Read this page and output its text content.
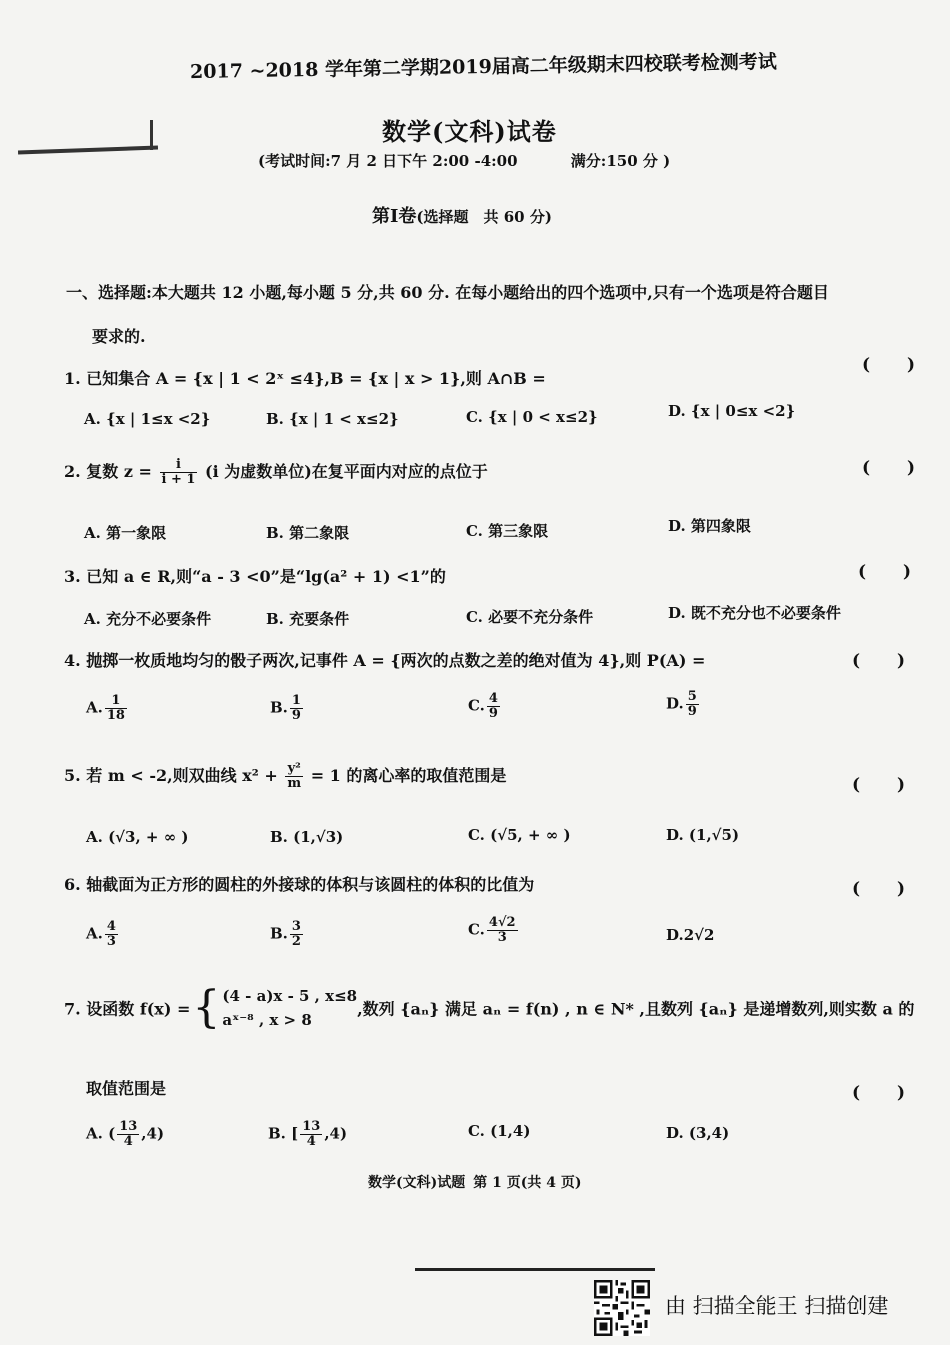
2017 ~2018 学年第二学期2019届高二年级期末四校联考检测考试
数学(文科)试卷
(考试时间:7 月 2 日下午 2:00 -4:00	满分:150 分 )
第Ⅰ卷(选择题　共 60 分)
一、选择题:本大题共 12 小题,每小题 5 分,共 60 分. 在每小题给出的四个选项中,只有一个选项是符合题目
要求的.
1. 已知集合 A = {x | 1 < 2ˣ ≤4},B = {x | x > 1},则 A∩B =
(　　)
A. {x | 1≤x <2}	B. {x | 1 < x≤2}	C. {x | 0 < x≤2}	D. {x | 0≤x <2}
2. 复数 $z = \frac{i}{i + 1} (i$ 为虚数单位)在复平面内对应的点位于	(　　)
A. 第一象限	B. 第二象限	C. 第三象限	D. 第四象限
3. 已知 a ∈ R,则“a - 3 <0”是“lg(a² + 1) <1”的	(　　)
A. 充分不必要条件	B. 充要条件	C. 必要不充分条件	D. 既不充分也不必要条件
4. 抛掷一枚质地均匀的骰子两次,记事件 A = {两次的点数之差的绝对值为 4},则 P(A) =	(　　)
A. $\frac{1}{18}$	B. $\frac{1}{9}$	C. $\frac{4}{9}$	D. $\frac{5}{9}$
5. 若 m < -2,则双曲线 $x^2 + \frac{\text{y²}}{m} = 1$ 的离心率的取值范围是	(　　)
A. (√3, + ∞ )	B. (1,√3)	C. (√5, + ∞ )	D. (1,√5)
6. 轴截面为正方形的圆柱的外接球的体积与该圆柱的体积的比值为	(　　)
A. $\frac{4}{3}$	B. $\frac{3}{2}$	C. $\frac{4√2}{3}$	D.2√2
7. 设函数 f(x) ={ (4 - a)x - 5 , x≤8
aˣ⁻⁸ , x > 8
,数列 {aₙ} 满足 aₙ = f(n) , n ∈ N* ,且数列 {aₙ} 是递增数列,则实数 a 的
取值范围是	(　　)
A. ( $\frac{13}{4} ,4$)	B. [ $\frac{13}{4} ,4$)	C. (1,4)	D. (3,4)
数学(文科)试题 第 1 页(共 4 页)
由 扫描全能王 扫描创建
